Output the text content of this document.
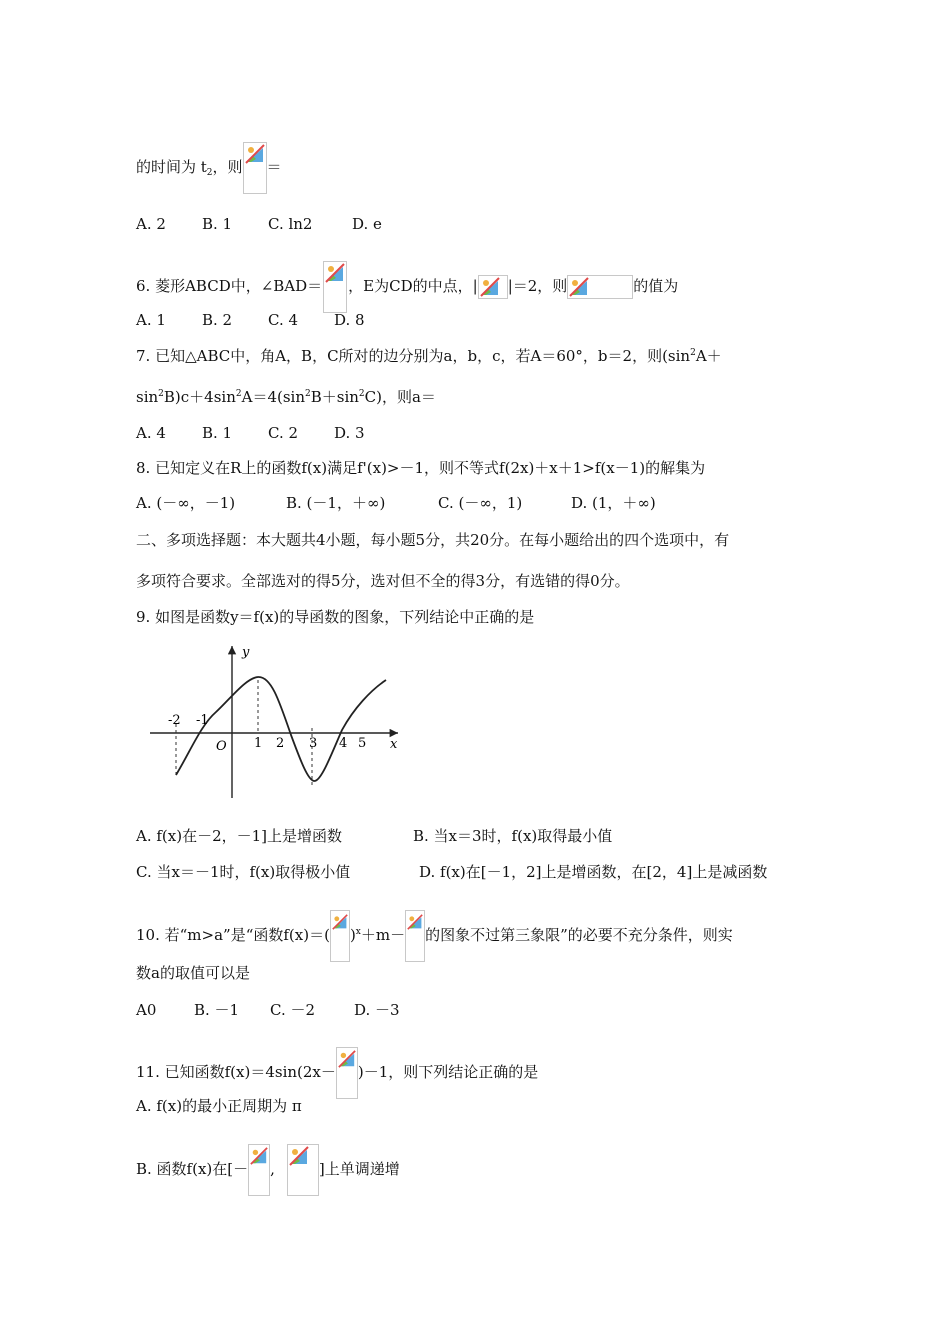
的时间为 $t_2$，则 ＝
A. 2 B. 1 C. ln2	D. e
6. 菱形ABCD中，∠BAD＝ ，E为CD的中点，| |＝2，则	的值为
A. 1 B. 2 C. 4 D. 8
7. 已知△ABC中，角A，B，C所对的边分别为a，b，c，若A＝60°，b＝2，则($\sin^2A+$
$\sin^2B)c+4\sin^2A=4(\sin^2B+\sin^2C)$，则a＝
A. 4 B. 1 C. 2 D. 3
8. 已知定义在R上的函数f(x)满足f'(x)>－1，则不等式f(2x)＋x＋1>f(x－1)的解集为
A. (－∞，－1)	B. (－1，＋∞)	C. (－∞，1)	D. (1，＋∞)
二、多项选择题：本大题共4小题，每小题5分，共20分。在每小题给出的四个选项中，有
多项符合要求。全部选对的得5分，选对但不全的得3分，有选错的得0分。
9. 如图是函数y＝f(x)的导函数的图象，下列结论中正确的是
y
x
O
-2 -1
1 2 3 4 5
A. f(x)在－2，－1]上是增函数	B. 当x＝3时，f(x)取得最小值
C. 当x＝－1时，f(x)取得极小值	D. f(x)在[－1，2]上是增函数，在[2，4]上是减函数
10. 若“m>a”是“函数f(x)＝( )$^x$＋m－ 的图象不过第三象限”的必要不充分条件，则实
数a的取值可以是
A0	B. －1 C. －2	D. －3
11. 已知函数f(x)＝4sin(2x－ )－1，则下列结论正确的是
A. f(x)的最小正周期为 π
B. 函数f(x)在[－ ,	]上单调递增
